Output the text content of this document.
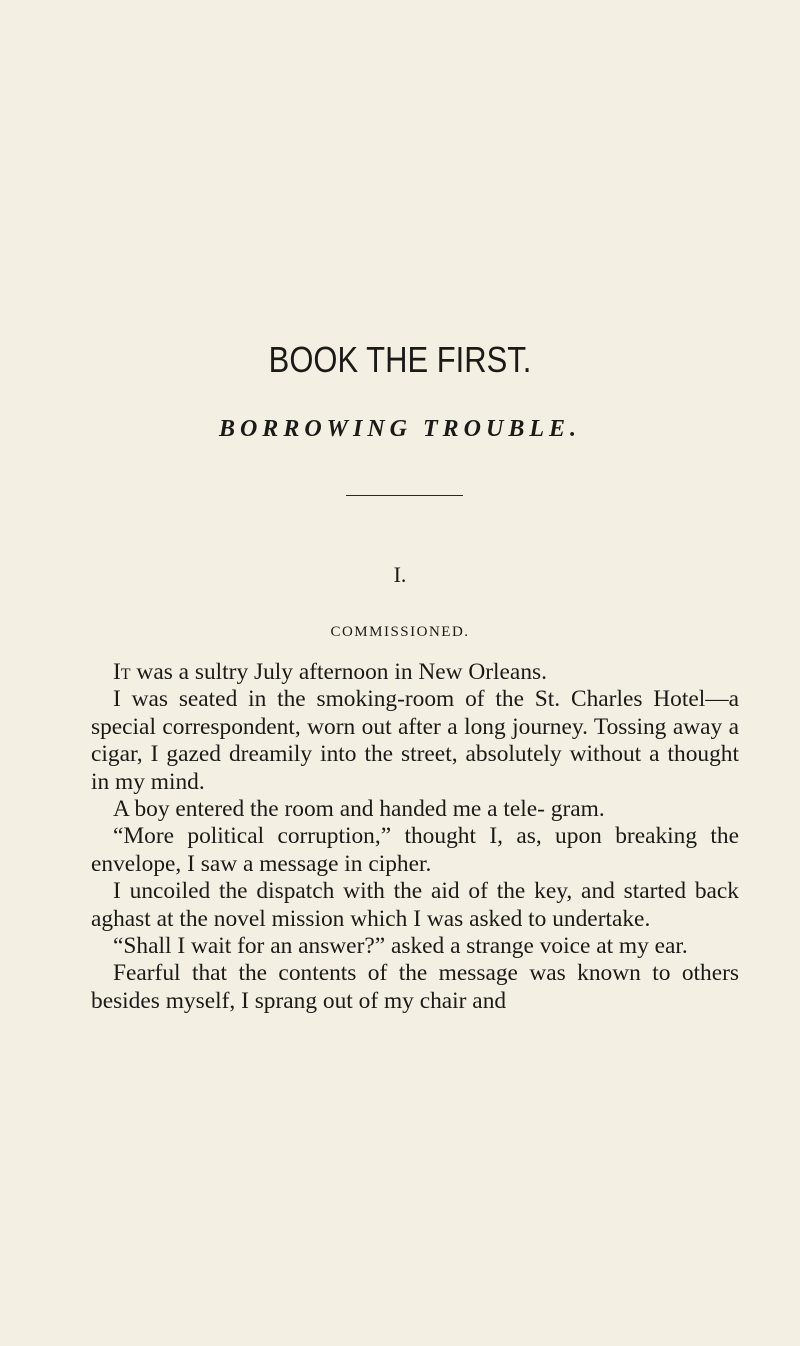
BOOK THE FIRST.
BORROWING TROUBLE.
I.
COMMISSIONED.

It was a sultry July afternoon in New Orleans.

I was seated in the smoking-room of the St. Charles Hotel—a special correspondent, worn out after a long journey. Tossing away a cigar, I gazed dreamily into the street, absolutely without a thought in my mind.

A boy entered the room and handed me a tele- gram.

“More political corruption,” thought I, as, upon breaking the envelope, I saw a message in cipher.

I uncoiled the dispatch with the aid of the key, and started back aghast at the novel mission which I was asked to undertake.

“Shall I wait for an answer?” asked a strange voice at my ear.

Fearful that the contents of the message was known to others besides myself, I sprang out of my chair and
